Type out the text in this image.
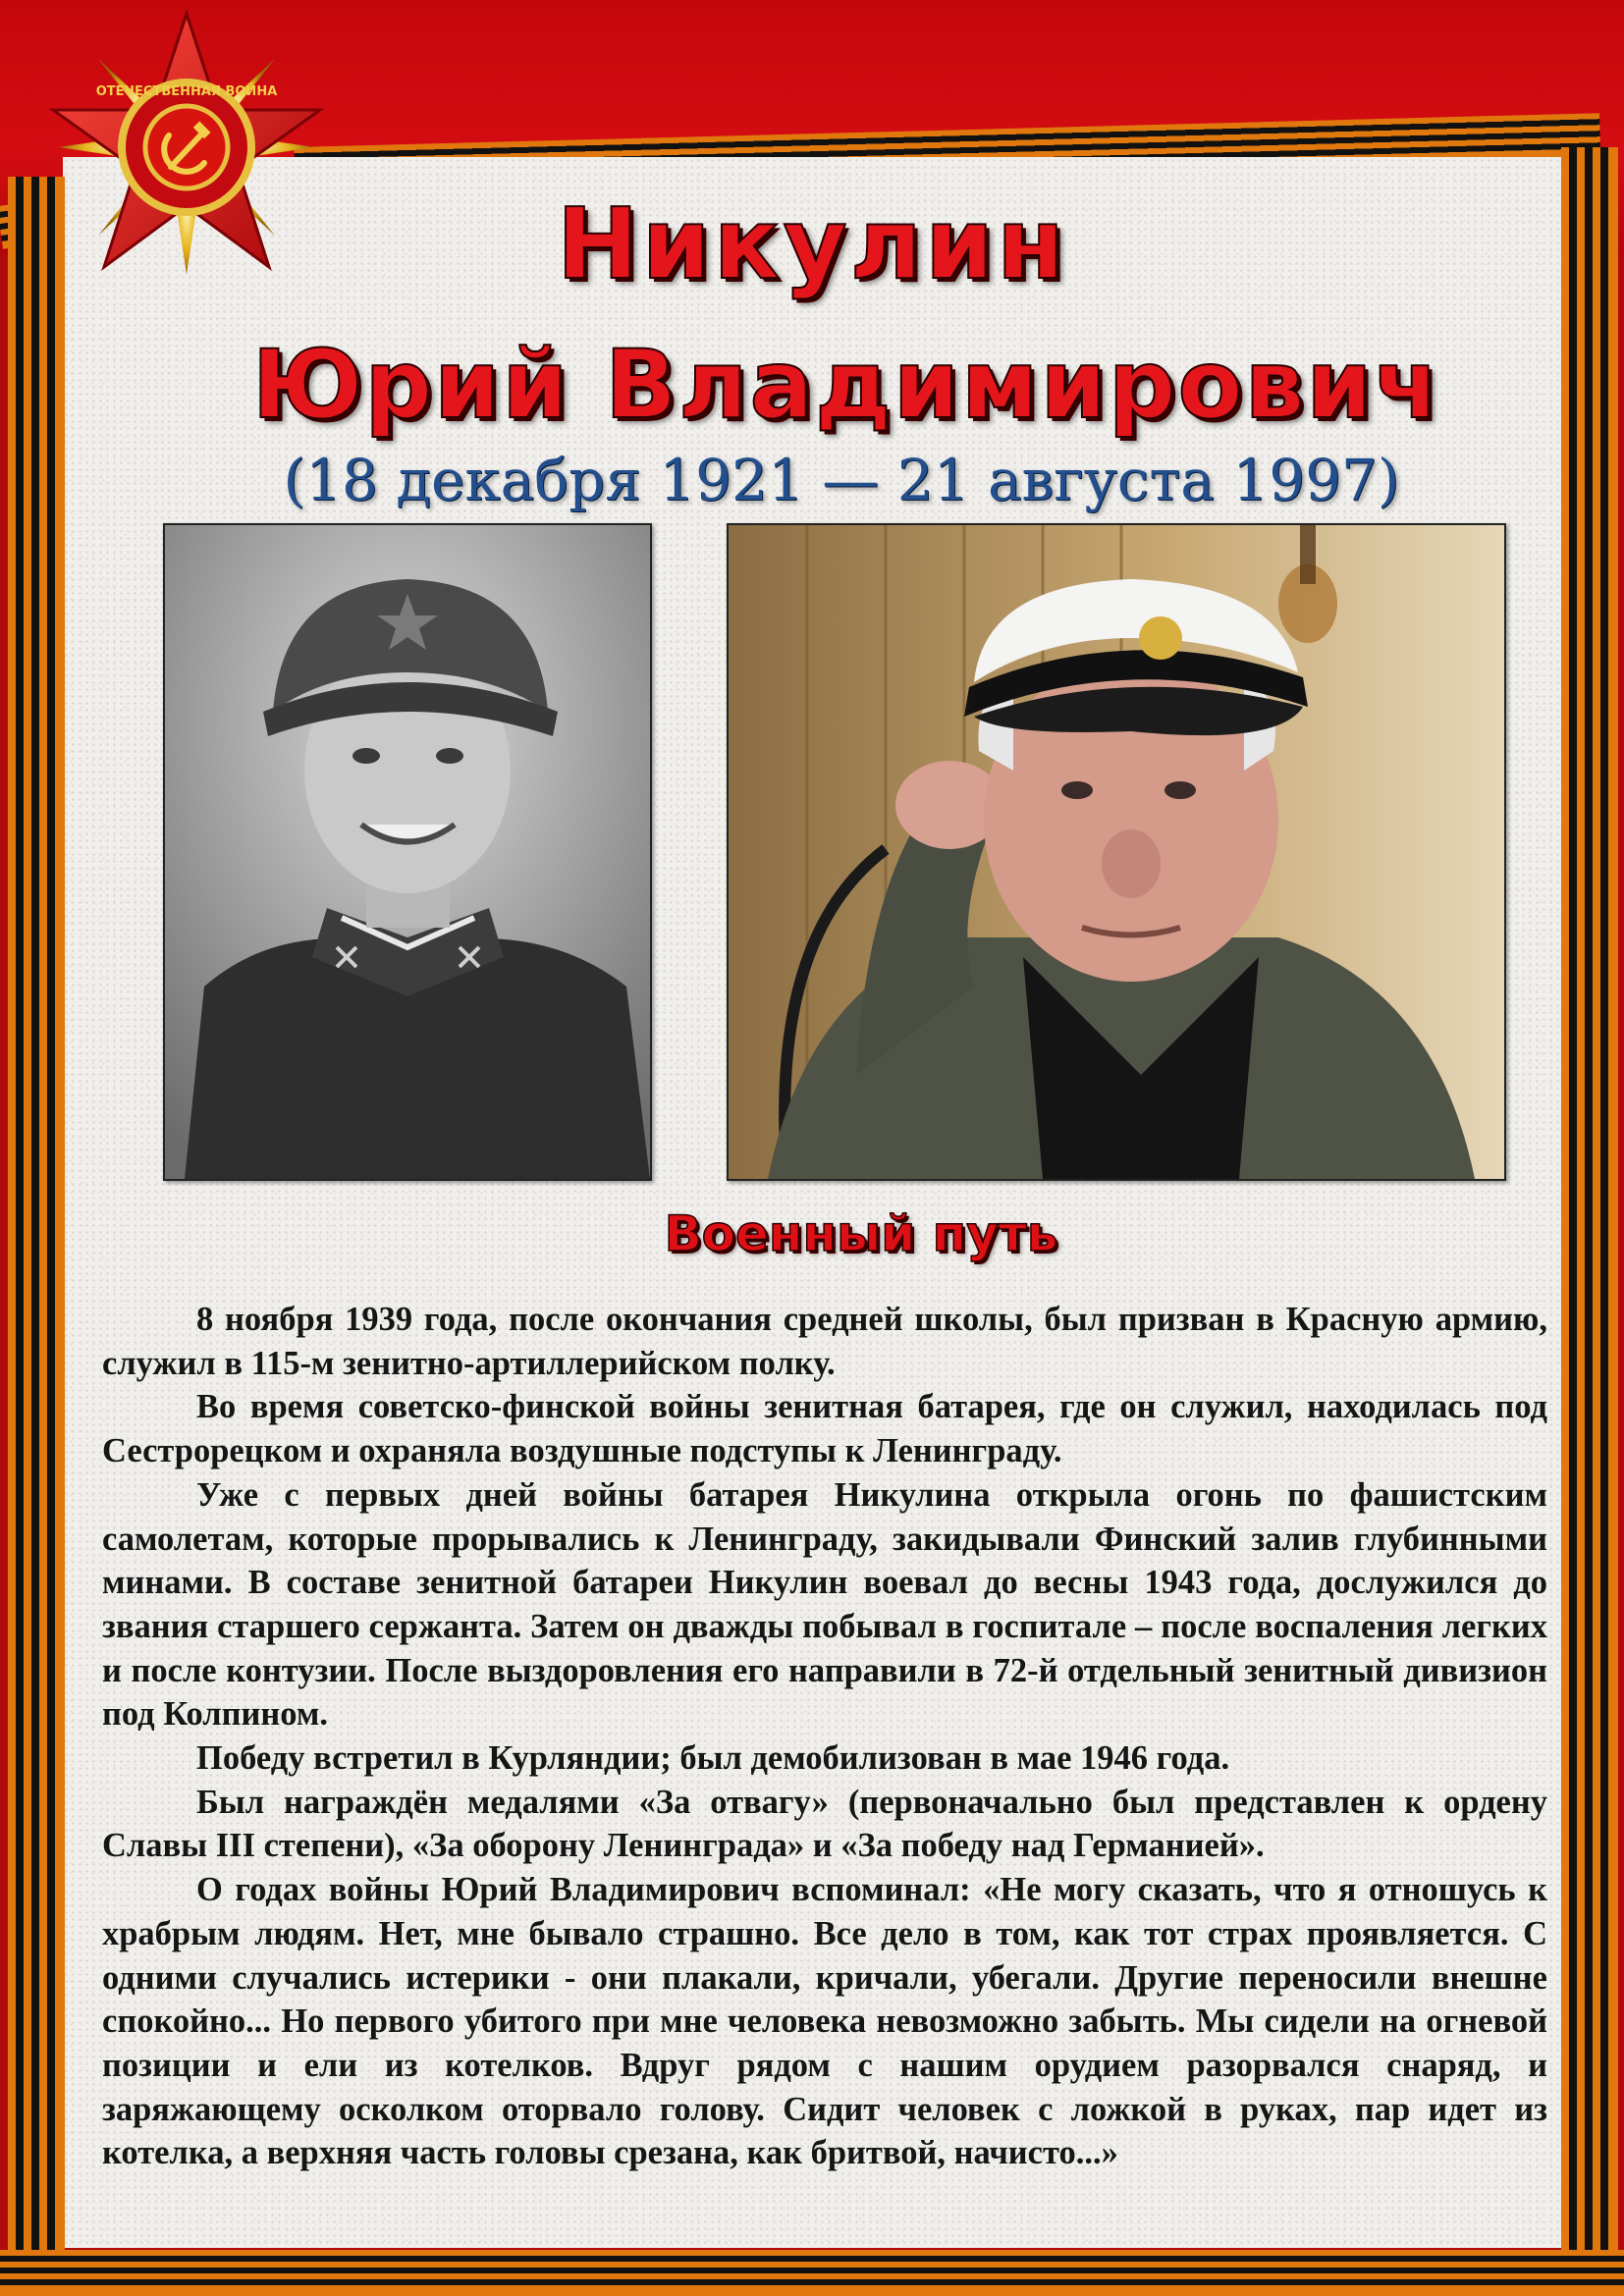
ОТЕЧЕСТВЕННАЯ ВОЙНА
Никулин
Юрий Владимирович

(18 декабря 1921 — 21 августа 1997)

Военный путь

8 ноября 1939 года, после окончания средней школы, был призван в Красную армию, служил в 115-м зенитно-артиллерийском полку.

Во время советско-финской войны зенитная батарея, где он служил, находилась под Сестрорецком и охраняла воздушные подступы к Ленинграду.

Уже с первых дней войны батарея Никулина открыла огонь по фашистским самолетам, которые прорывались к Ленинграду, закидывали Финский залив глубинными минами. В составе зенитной батареи Никулин воевал до весны 1943 года, дослужился до звания старшего сержанта. Затем он дважды побывал в госпитале – после воспаления легких и после контузии. После выздоровления его направили в 72-й отдельный зенитный дивизион под Колпином.

Победу встретил в Курляндии; был демобилизован в мае 1946 года.

Был награждён медалями «За отвагу» (первоначально был представлен к ордену Славы III степени), «За оборону Ленинграда» и «За победу над Германией».

О годах войны Юрий Владимирович вспоминал: «Не могу сказать, что я отношусь к храбрым людям. Нет, мне бывало страшно. Все дело в том, как тот страх проявляется. С одними случались истерики - они плакали, кричали, убегали. Другие переносили внешне спокойно... Но первого убитого при мне человека невозможно забыть. Мы сидели на огневой позиции и ели из котелков. Вдруг рядом с нашим орудием разорвался снаряд, и заряжающему осколком оторвало голову. Сидит человек с ложкой в руках, пар идет из котелка, а верхняя часть головы срезана, как бритвой, начисто...»
